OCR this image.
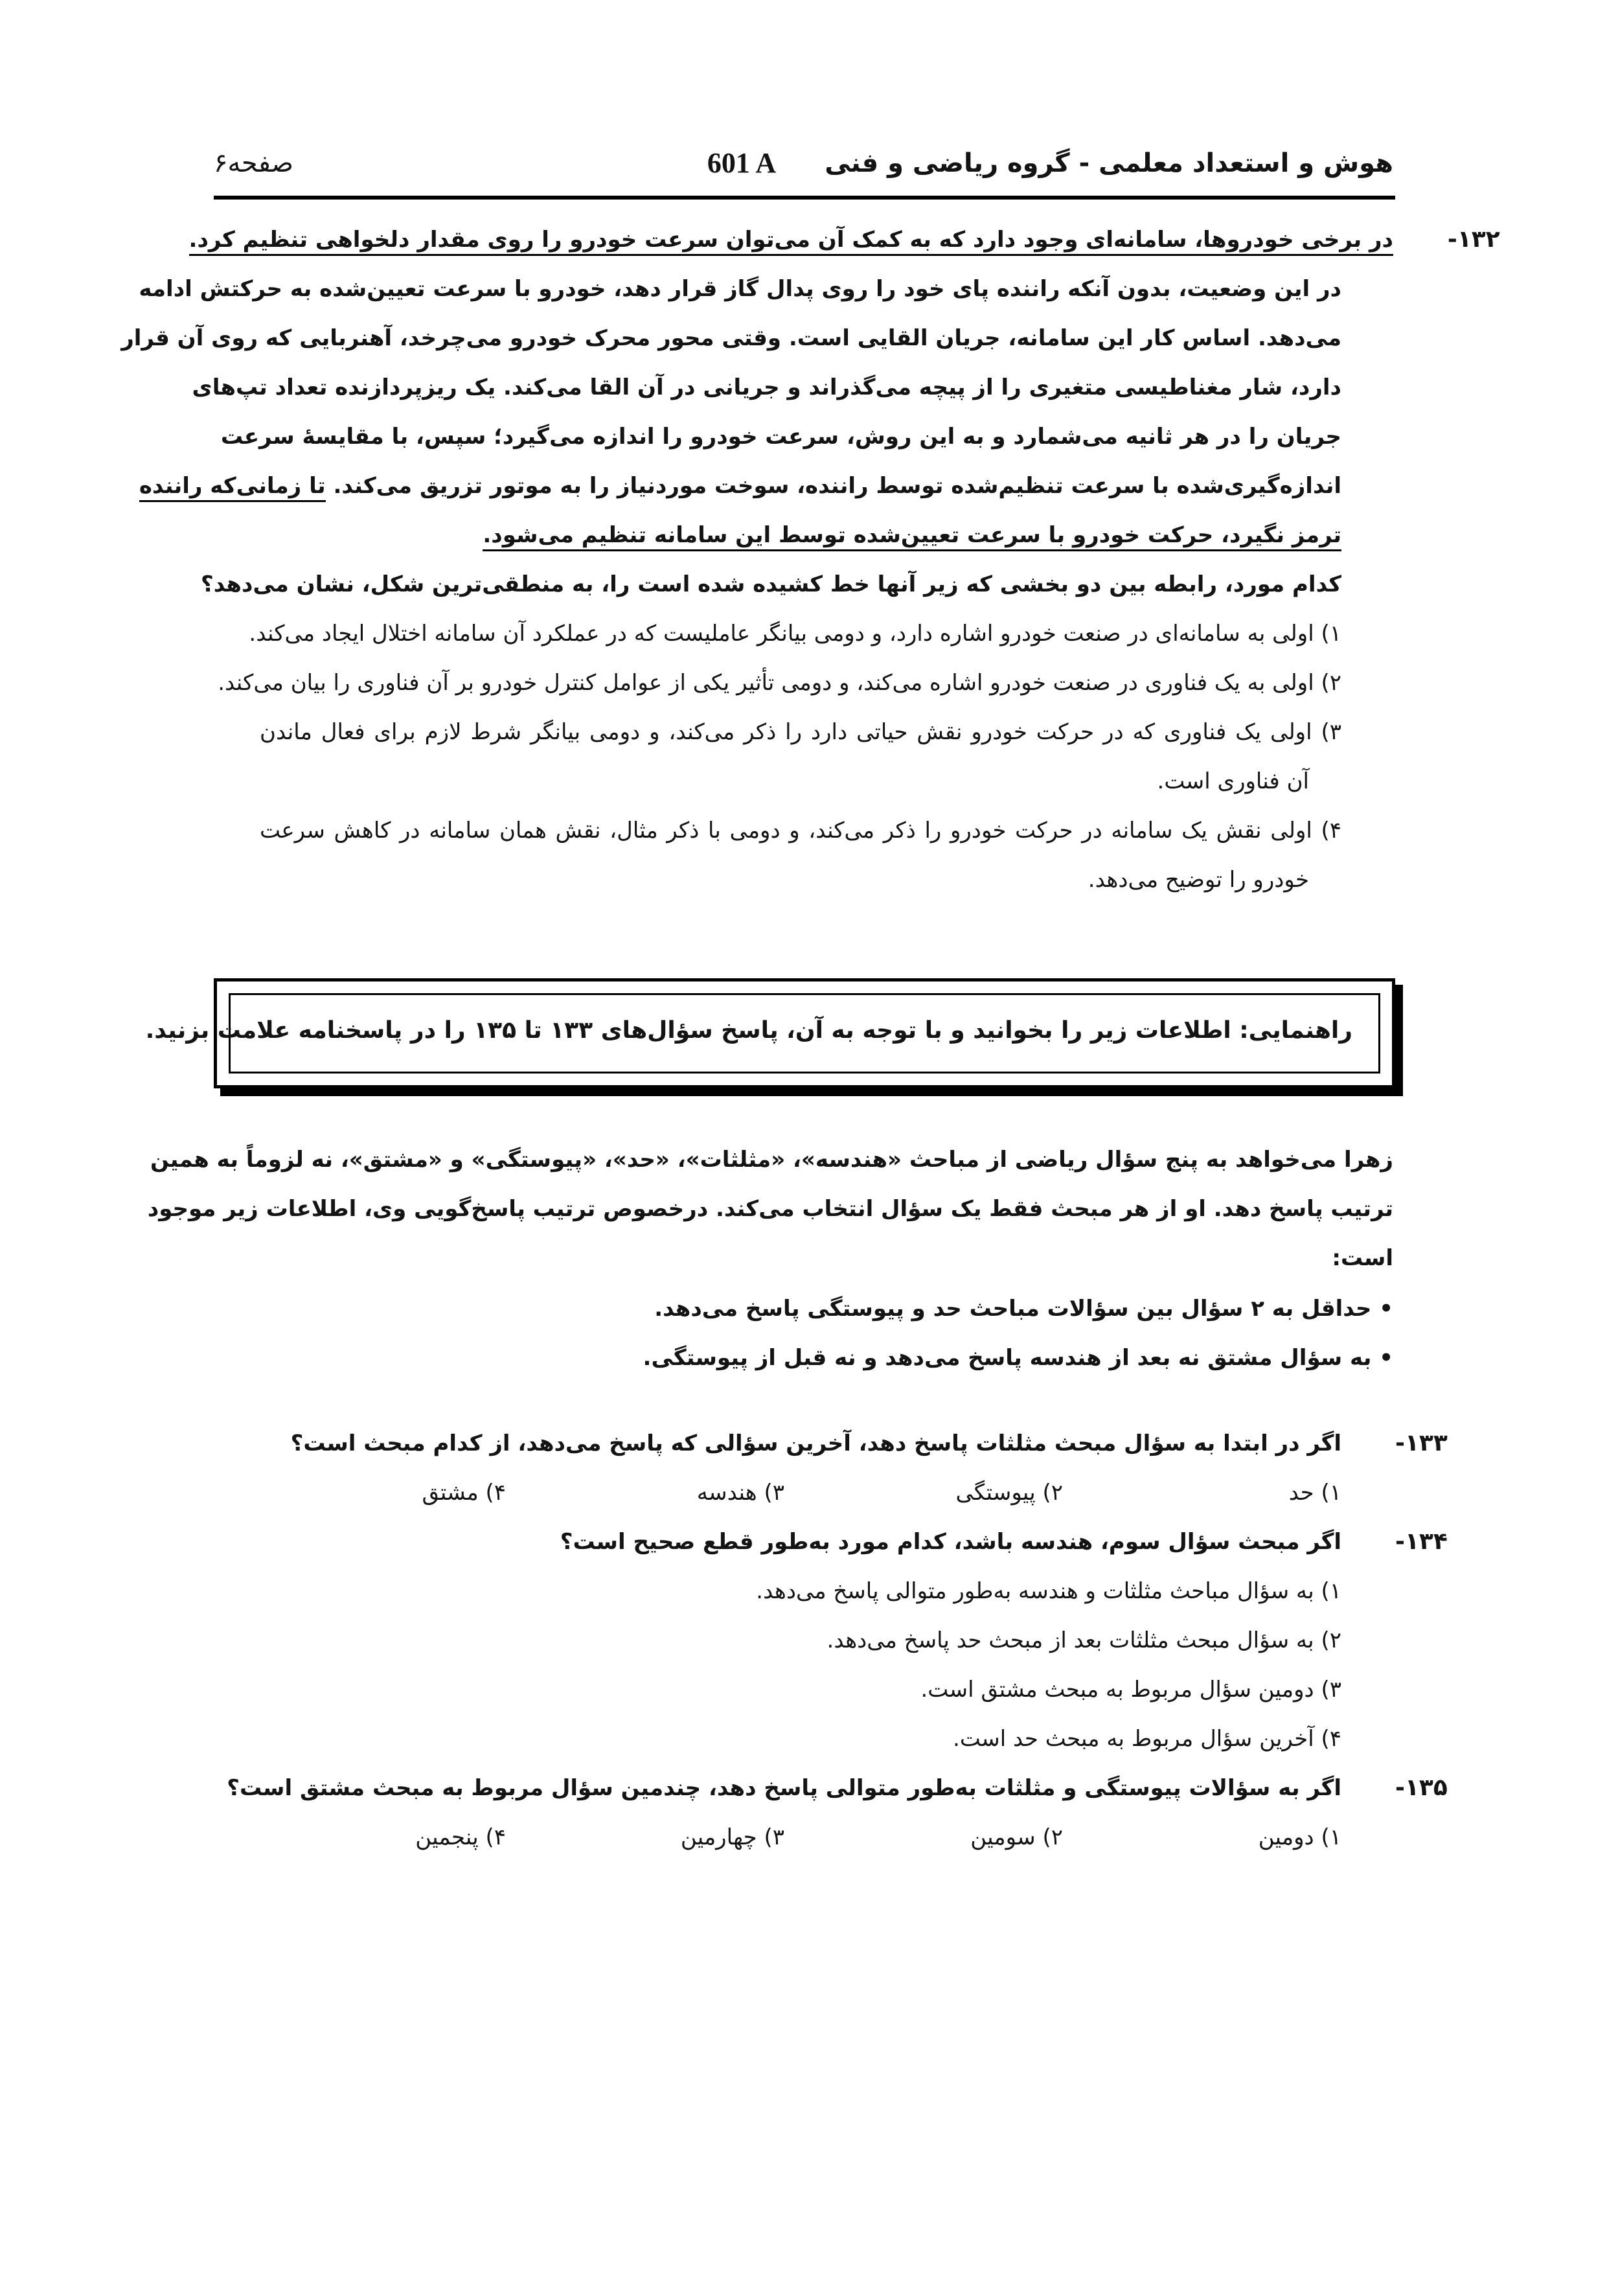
هوش و استعداد معلمی - گروه ریاضی و فنی
601 A
صفحه۶
۱۳۲-
در برخی خودروها، سامانه‌ای وجود دارد که به کمک آن می‌توان سرعت خودرو را روی مقدار دلخواهی تنظیم کرد.
در این وضعیت، بدون آنکه راننده پای خود را روی پدال گاز قرار دهد، خودرو با سرعت تعیین‌شده به حرکتش ادامه
می‌دهد. اساس کار این سامانه، جریان القایی است. وقتی محور محرک خودرو می‌چرخد، آهنربایی که روی آن قرار
دارد، شار مغناطیسی متغیری را از پیچه می‌گذراند و جریانی در آن القا می‌کند. یک ریزپردازنده تعداد تپ‌های
جریان را در هر ثانیه می‌شمارد و به این روش، سرعت خودرو را اندازه می‌گیرد؛ سپس، با مقایسهٔ سرعت
اندازه‌گیری‌شده با سرعت تنظیم‌شده توسط راننده، سوخت موردنیاز را به موتور تزریق می‌کند. تا زمانی‌که راننده
ترمز نگیرد، حرکت خودرو با سرعت تعیین‌شده توسط این سامانه تنظیم می‌شود.
کدام مورد، رابطه بین دو بخشی که زیر آنها خط کشیده شده است را، به منطقی‌ترین شکل، نشان می‌دهد؟
۱) اولی به سامانه‌ای در صنعت خودرو اشاره دارد، و دومی بیانگر عاملیست که در عملکرد آن سامانه اختلال ایجاد می‌کند.
۲) اولی به یک فناوری در صنعت خودرو اشاره می‌کند، و دومی تأثیر یکی از عوامل کنترل خودرو بر آن فناوری را بیان می‌کند.
۳) اولی یک فناوری که در حرکت خودرو نقش حیاتی دارد را ذکر می‌کند، و دومی بیانگر شرط لازم برای فعال ماندن
آن فناوری است.
۴) اولی نقش یک سامانه در حرکت خودرو را ذکر می‌کند، و دومی با ذکر مثال، نقش همان سامانه در کاهش سرعت
خودرو را توضیح می‌دهد.
راهنمایی: اطلاعات زیر را بخوانید و با توجه به آن، پاسخ سؤال‌های ۱۳۳ تا ۱۳۵ را در پاسخنامه علامت بزنید.
زهرا می‌خواهد به پنج سؤال ریاضی از مباحث «هندسه»، «مثلثات»، «حد»، «پیوستگی» و «مشتق»، نه لزوماً به همین
ترتیب پاسخ دهد. او از هر مبحث فقط یک سؤال انتخاب می‌کند. درخصوص ترتیب پاسخ‌گویی وی، اطلاعات زیر موجود
است:
• حداقل به ۲ سؤال بین سؤالات مباحث حد و پیوستگی پاسخ می‌دهد.
• به سؤال مشتق نه بعد از هندسه پاسخ می‌دهد و نه قبل از پیوستگی.
۱۳۳-
اگر در ابتدا به سؤال مبحث مثلثات پاسخ دهد، آخرین سؤالی که پاسخ می‌دهد، از کدام مبحث است؟
۱) حد
۲) پیوستگی
۳) هندسه
۴) مشتق
۱۳۴-
اگر مبحث سؤال سوم، هندسه باشد، کدام مورد به‌طور قطع صحیح است؟
۱) به سؤال مباحث مثلثات و هندسه به‌طور متوالی پاسخ می‌دهد.
۲) به سؤال مبحث مثلثات بعد از مبحث حد پاسخ می‌دهد.
۳) دومین سؤال مربوط به مبحث مشتق است.
۴) آخرین سؤال مربوط به مبحث حد است.
۱۳۵-
اگر به سؤالات پیوستگی و مثلثات به‌طور متوالی پاسخ دهد، چندمین سؤال مربوط به مبحث مشتق است؟
۱) دومین
۲) سومین
۳) چهارمین
۴) پنجمین
